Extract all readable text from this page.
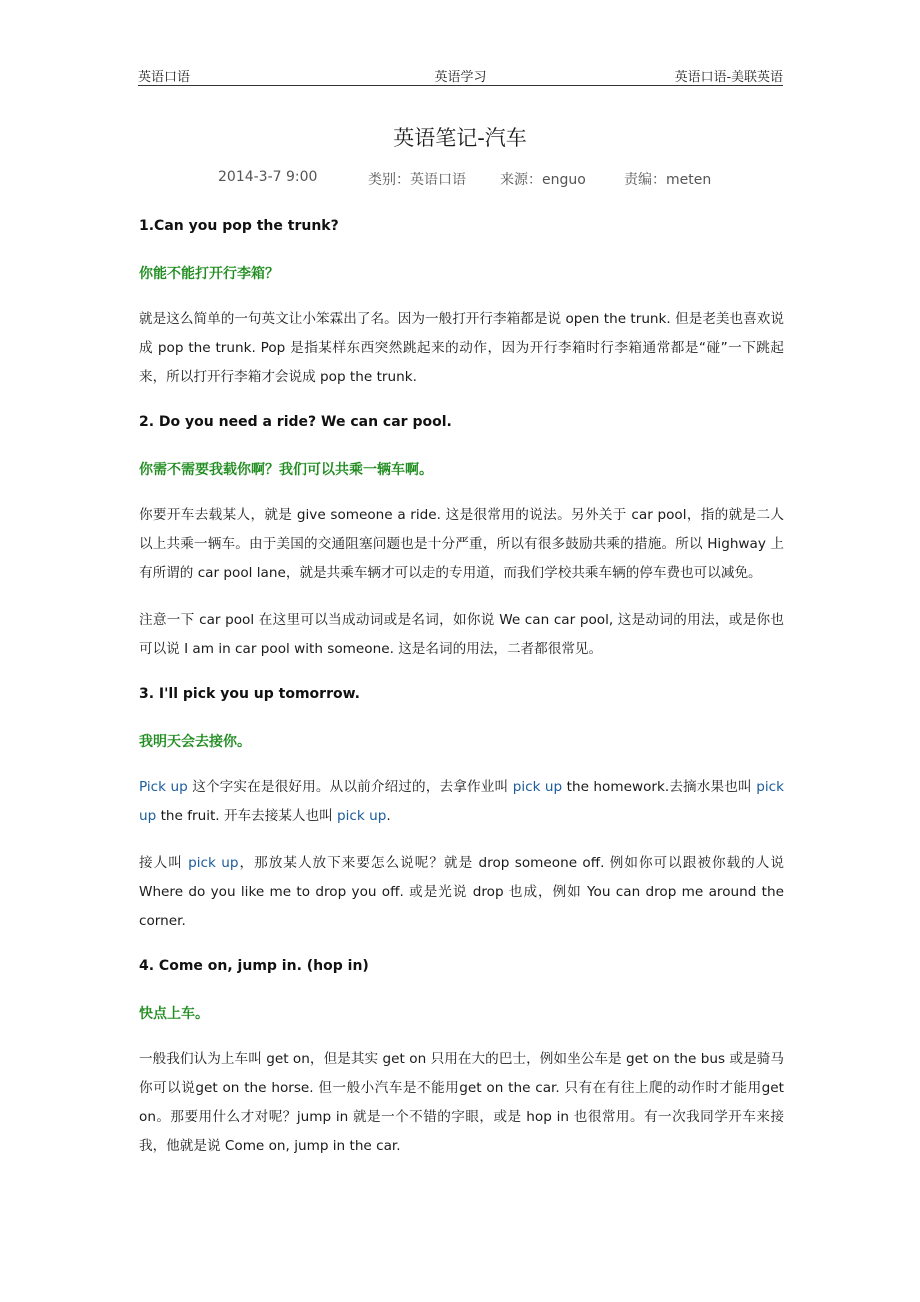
英语口语	英语学习	英语口语-美联英语
英语笔记-汽车
2014-3-7 9:00	类别：英语口语 来源：enguo	责编：meten

1.Can you pop the trunk?

你能不能打开行李箱？

就是这么简单的一句英文让小笨霖出了名。因为一般打开行李箱都是说 open the trunk. 但是老美也喜欢说成 pop the trunk. Pop 是指某样东西突然跳起来的动作，因为开行李箱时行李箱通常都是“碰”一下跳起来，所以打开行李箱才会说成 pop the trunk.

2. Do you need a ride? We can car pool.

你需不需要我载你啊？我们可以共乘一辆车啊。

你要开车去载某人，就是 give someone a ride. 这是很常用的说法。另外关于 car pool，指的就是二人以上共乘一辆车。由于美国的交通阻塞问题也是十分严重，所以有很多鼓励共乘的措施。所以 Highway 上有所谓的 car pool lane，就是共乘车辆才可以走的专用道，而我们学校共乘车辆的停车费也可以减免。

注意一下 car pool 在这里可以当成动词或是名词，如你说 We can car pool, 这是动词的用法，或是你也可以说 I am in car pool with someone. 这是名词的用法，二者都很常见。

3. I'll pick you up tomorrow.

我明天会去接你。

Pick up 这个字实在是很好用。从以前介绍过的，去拿作业叫 pick up the homework.去摘水果也叫 pick up the fruit. 开车去接某人也叫 pick up.

接人叫 pick up，那放某人放下来要怎么说呢？就是 drop someone off. 例如你可以跟被你载的人说 Where do you like me to drop you off. 或是光说 drop 也成，例如 You can drop me around the corner.

4. Come on, jump in. (hop in)

快点上车。

一般我们认为上车叫 get on，但是其实 get on 只用在大的巴士，例如坐公车是 get on the bus 或是骑马你可以说get on the horse. 但一般小汽车是不能用get on the car. 只有在有往上爬的动作时才能用get on。那要用什么才对呢？jump in 就是一个不错的字眼，或是 hop in 也很常用。有一次我同学开车来接我，他就是说 Come on, jump in the car.
